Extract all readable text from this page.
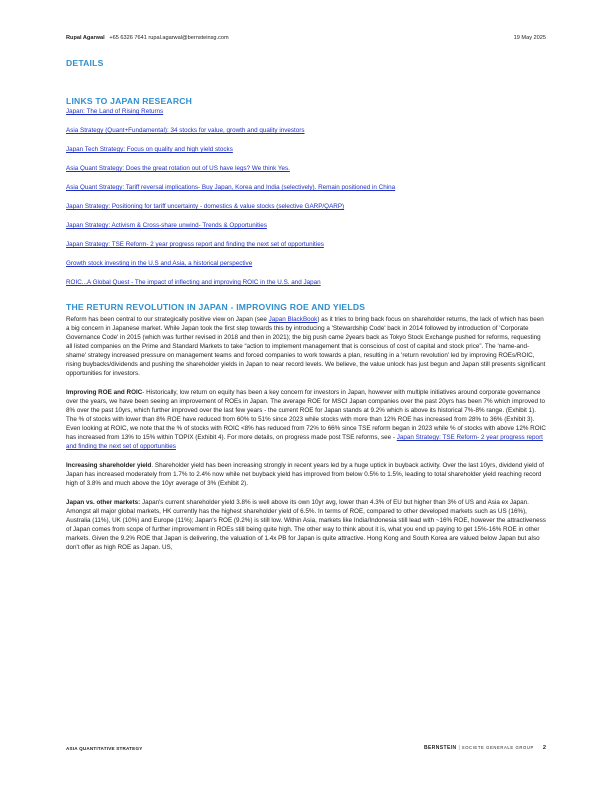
Rupal Agarwal +65 6326 7641 rupal.agarwal@bernsteinsg.com	19 May 2025
DETAILS
LINKS TO JAPAN RESEARCH
Japan: The Land of Rising Returns
Asia Strategy (Quant+Fundamental): 34 stocks for value, growth and quality investors
Japan Tech Strategy: Focus on quality and high yield stocks
Asia Quant Strategy: Does the great rotation out of US have legs? We think Yes.
Asia Quant Strategy: Tariff reversal implications- Buy Japan, Korea and India (selectively). Remain positioned in China
Japan Strategy: Positioning for tariff uncertainty - domestics & value stocks (selective GARP/QARP)
Japan Strategy: Activism & Cross-share unwind- Trends & Opportunities
Japan Strategy: TSE Reform- 2 year progress report and finding the next set of opportunities
Growth stock investing in the U.S and Asia, a historical perspective
ROIC...A Global Quest - The impact of inflecting and improving ROIC in the U.S. and Japan
THE RETURN REVOLUTION IN JAPAN - IMPROVING ROE AND YIELDS

Reform has been central to our strategically positive view on Japan (see Japan BlackBook) as it tries to bring back focus on shareholder returns, the lack of which has been a big concern in Japanese market. While Japan took the first step towards this by introducing a 'Stewardship Code' back in 2014 followed by introduction of 'Corporate Governance Code' in 2015 (which was further revised in 2018 and then in 2021); the big push came 2years back as Tokyo Stock Exchange pushed for reforms, requesting all listed companies on the Prime and Standard Markets to take “action to implement management that is conscious of cost of capital and stock price”. The 'name-and-shame' strategy increased pressure on management teams and forced companies to work towards a plan, resulting in a 'return revolution' led by improving ROEs/ROIC, rising buybacks/dividends and pushing the shareholder yields in Japan to near record levels. We believe, the value unlock has just begun and Japan still presents significant opportunities for investors.

Improving ROE and ROIC- Historically, low return on equity has been a key concern for investors in Japan, however with multiple initiatives around corporate governance over the years, we have been seeing an improvement of ROEs in Japan. The average ROE for MSCI Japan companies over the past 20yrs has been 7% which improved to 8% over the past 10yrs, which further improved over the last few years - the current ROE for Japan stands at 9.2% which is above its historical 7%-8% range. (Exhibit 1). The % of stocks with lower than 8% ROE have reduced from 60% to 51% since 2023 while stocks with more than 12% ROE has increased from 28% to 36% (Exhibit 3). Even looking at ROIC, we note that the % of stocks with ROIC <8% has reduced from 72% to 66% since TSE reform began in 2023 while % of stocks with above 12% ROIC has increased from 13% to 15% within TOPIX (Exhibit 4). For more details, on progress made post TSE reforms, see - Japan Strategy: TSE Reform- 2 year progress report and finding the next set of opportunities

Increasing shareholder yield. Shareholder yield has been increasing strongly in recent years led by a huge uptick in buyback activity. Over the last 10yrs, dividend yield of Japan has increased moderately from 1.7% to 2.4% now while net buyback yield has improved from below 0.5% to 1.5%, leading to total shareholder yield reaching record high of 3.8% and much above the 10yr average of 3% (Exhibit 2).

Japan vs. other markets: Japan's current shareholder yield 3.8% is well above its own 10yr avg, lower than 4.3% of EU but higher than 3% of US and Asia ex Japan. Amongst all major global markets, HK currently has the highest shareholder yield of 6.5%. In terms of ROE, compared to other developed markets such as US (16%), Australia (11%), UK (10%) and Europe (11%); Japan's ROE (9.2%) is still low. Within Asia, markets like India/Indonesia still lead with ~16% ROE, however the attractiveness of Japan comes from scope of further improvement in ROEs still being quite high. The other way to think about it is, what you end up paying to get 15%-16% ROE in other markets. Given the 9.2% ROE that Japan is delivering, the valuation of 1.4x PB for Japan is quite attractive. Hong Kong and South Korea are valued below Japan but also don't offer as high ROE as Japan. US,

ASIA QUANTITATIVE STRATEGY	BERNSTEIN | SOCIETE GENERALE GROUP 2
